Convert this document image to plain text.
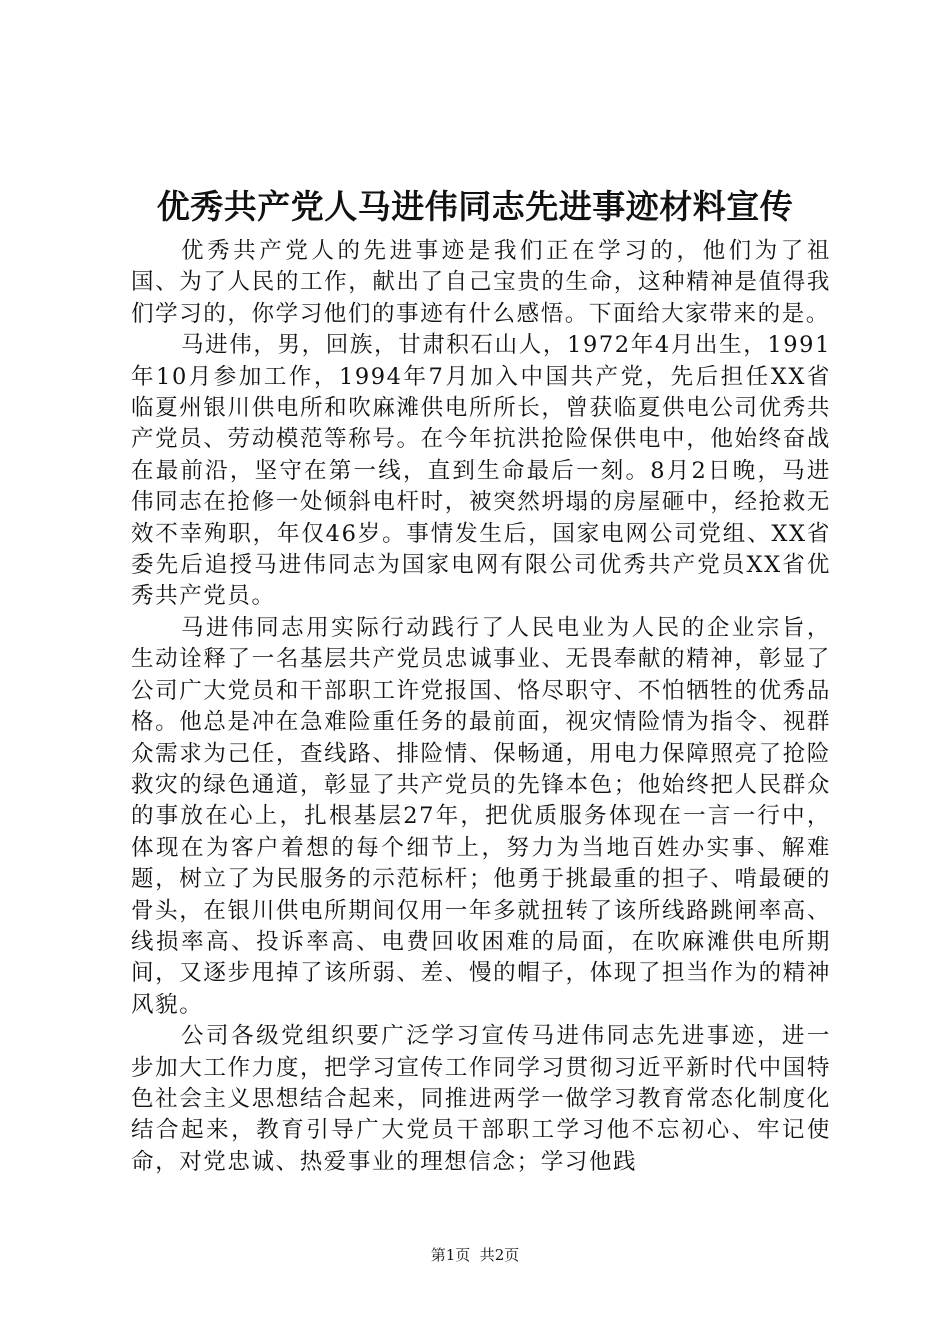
优秀共产党人马进伟同志先进事迹材料宣传

优秀共产党人的先进事迹是我们正在学习的，他们为了祖国、为了人民的工作，献出了自己宝贵的生命，这种精神是值得我们学习的，你学习他们的事迹有什么感悟。下面给大家带来的是。

马进伟，男，回族，甘肃积石山人，1972年4月出生，1991年10月参加工作，1994年7月加入中国共产党，先后担任XX省临夏州银川供电所和吹麻滩供电所所长，曾获临夏供电公司优秀共产党员、劳动模范等称号。在今年抗洪抢险保供电中，他始终奋战在最前沿，坚守在第一线，直到生命最后一刻。8月2日晚，马进伟同志在抢修一处倾斜电杆时，被突然坍塌的房屋砸中，经抢救无效不幸殉职，年仅46岁。事情发生后，国家电网公司党组、XX省委先后追授马进伟同志为国家电网有限公司优秀共产党员XX省优秀共产党员。

马进伟同志用实际行动践行了人民电业为人民的企业宗旨，生动诠释了一名基层共产党员忠诚事业、无畏奉献的精神，彰显了公司广大党员和干部职工许党报国、恪尽职守、不怕牺牲的优秀品格。他总是冲在急难险重任务的最前面，视灾情险情为指令、视群众需求为己任，查线路、排险情、保畅通，用电力保障照亮了抢险救灾的绿色通道，彰显了共产党员的先锋本色；他始终把人民群众的事放在心上，扎根基层27年，把优质服务体现在一言一行中，体现在为客户着想的每个细节上，努力为当地百姓办实事、解难题，树立了为民服务的示范标杆；他勇于挑最重的担子、啃最硬的骨头，在银川供电所期间仅用一年多就扭转了该所线路跳闸率高、线损率高、投诉率高、电费回收困难的局面，在吹麻滩供电所期间，又逐步甩掉了该所弱、差、慢的帽子，体现了担当作为的精神风貌。

公司各级党组织要广泛学习宣传马进伟同志先进事迹，进一步加大工作力度，把学习宣传工作同学习贯彻习近平新时代中国特色社会主义思想结合起来，同推进两学一做学习教育常态化制度化结合起来，教育引导广大党员干部职工学习他不忘初心、牢记使命，对党忠诚、热爱事业的理想信念；学习他践

第1页  共2页
